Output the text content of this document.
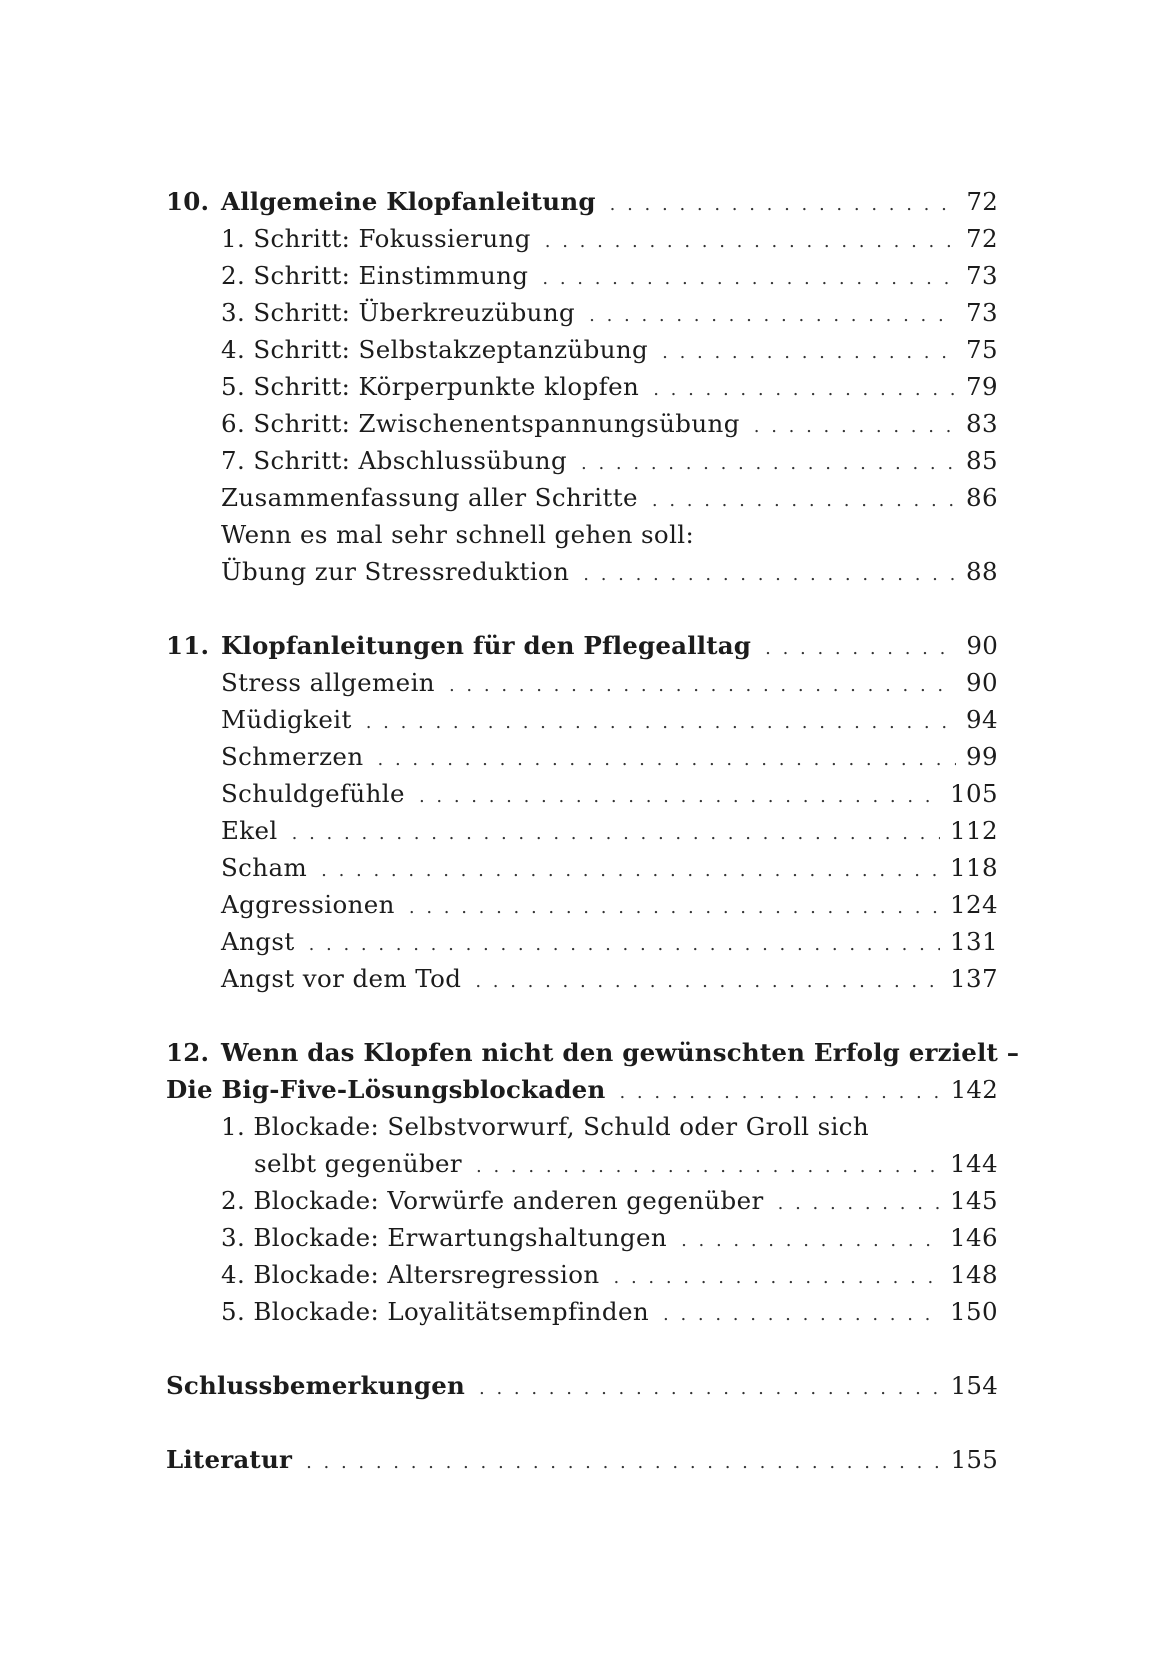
10. Allgemeine Klopfanleitung . . .	72
1. Schritt: Fokussierung . . .	72
2. Schritt: Einstimmung . . .	73
3. Schritt: Überkreuzübung . . .	73
4. Schritt: Selbstakzeptanzübung . . .	75
5. Schritt: Körperpunkte klopfen . . .	79
6. Schritt: Zwischenentspannungsübung . . .	83
7. Schritt: Abschlussübung . . .	85
Zusammenfassung aller Schritte . . .	86
Wenn es mal sehr schnell gehen soll:
Übung zur Stressreduktion . . .	88
11. Klopfanleitungen für den Pflegealltag . . .	90
Stress allgemein . . .	90
Müdigkeit . . .	94
Schmerzen . . .	99
Schuldgefühle . . .	105
Ekel . . .	112
Scham . . .	118
Aggressionen . . .	124
Angst . . .	131
Angst vor dem Tod . . .	137
12. Wenn das Klopfen nicht den gewünschten Erfolg erzielt –
Die Big-Five-Lösungsblockaden . . .	142
1. Blockade: Selbstvorwurf, Schuld oder Groll sich
selbt gegenüber . . .	144
2. Blockade: Vorwürfe anderen gegenüber . . .	145
3. Blockade: Erwartungshaltungen . . .	146
4. Blockade: Altersregression . . .	148
5. Blockade: Loyalitätsempfinden . . .	150
Schlussbemerkungen . . .	154
Literatur . . .	155
